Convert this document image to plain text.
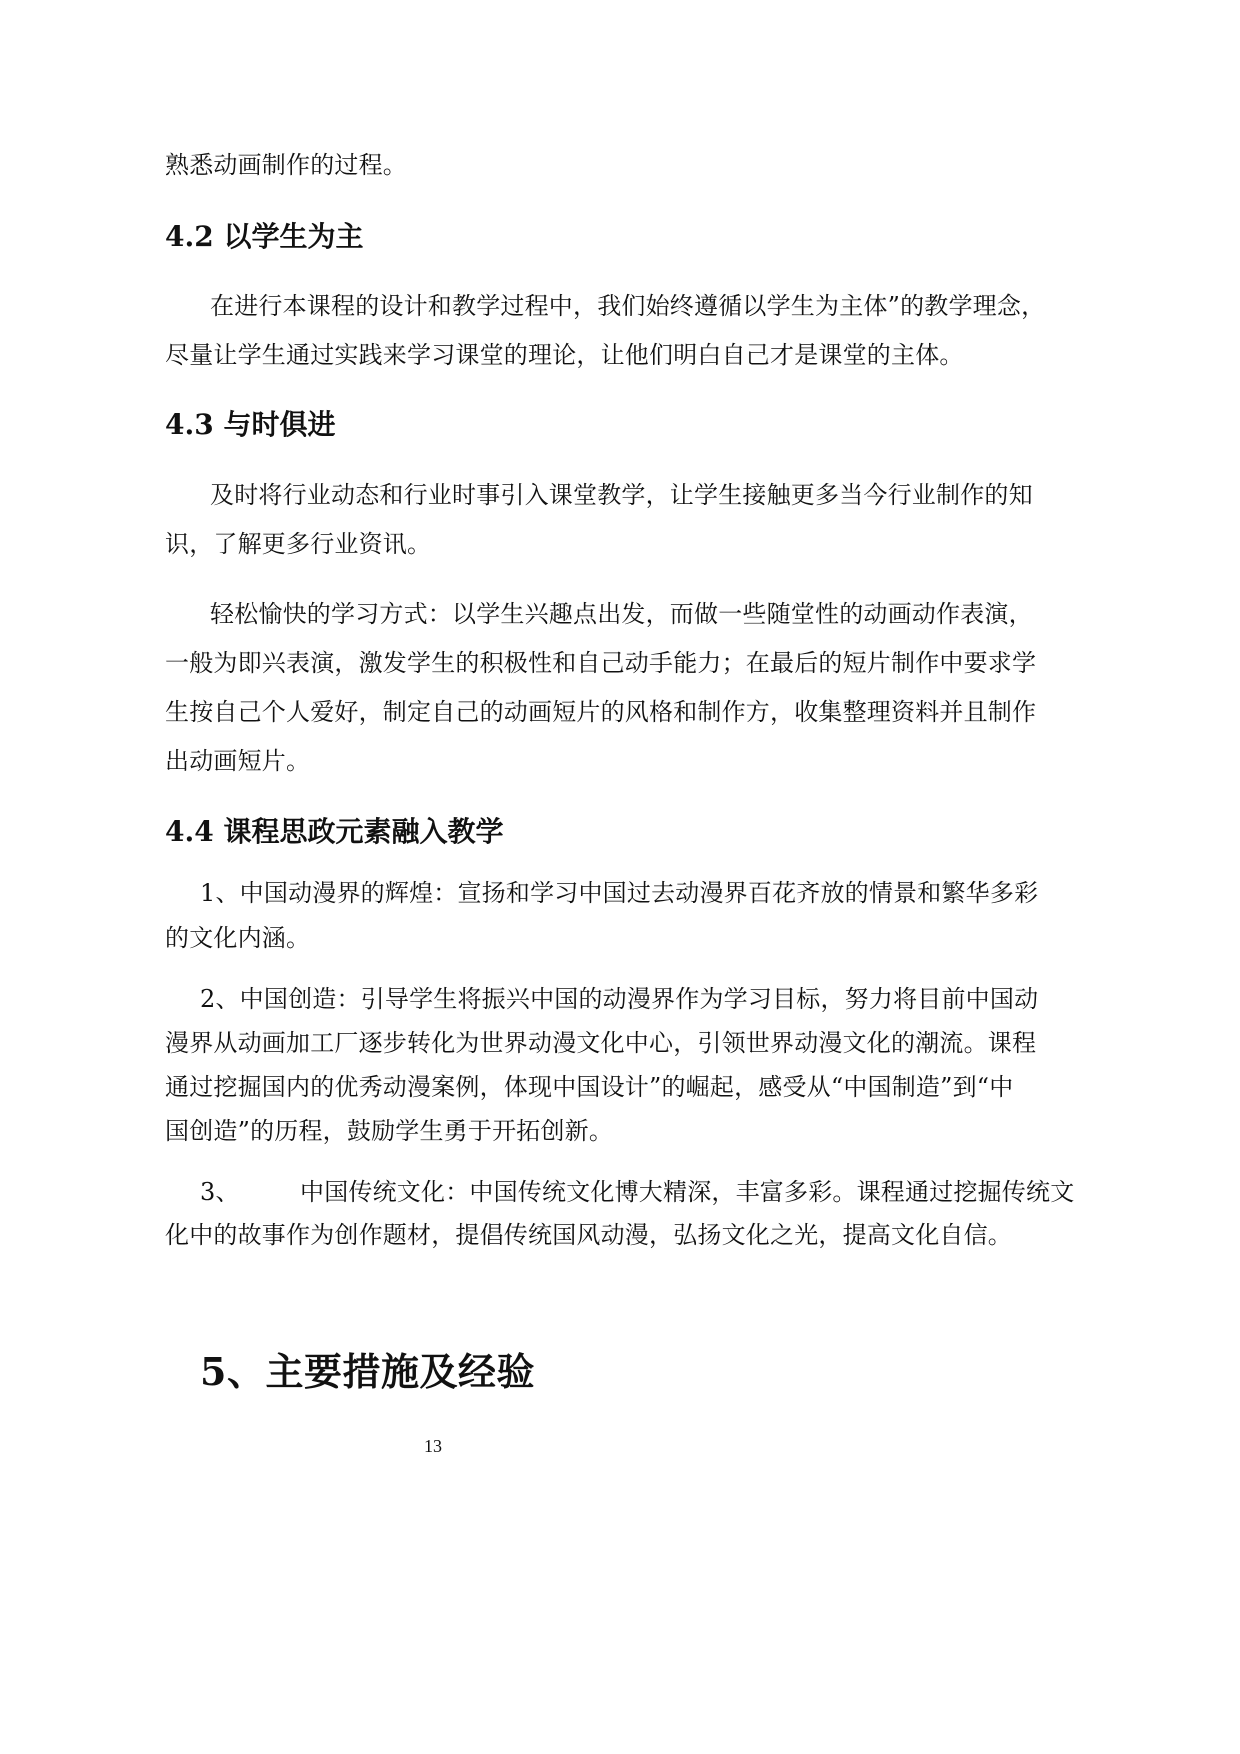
熟悉动画制作的过程。
4.2 以学生为主
在进行本课程的设计和教学过程中，我们始终遵循以学生为主体”的教学理念，
尽量让学生通过实践来学习课堂的理论，让他们明白自己才是课堂的主体。
4.3 与时俱进
及时将行业动态和行业时事引入课堂教学，让学生接触更多当今行业制作的知
识，了解更多行业资讯。
轻松愉快的学习方式：以学生兴趣点出发，而做一些随堂性的动画动作表演，
一般为即兴表演，激发学生的积极性和自己动手能力；在最后的短片制作中要求学
生按自己个人爱好，制定自己的动画短片的风格和制作方，收集整理资料并且制作
出动画短片。
4.4 课程思政元素融入教学
1、中国动漫界的辉煌：宣扬和学习中国过去动漫界百花齐放的情景和繁华多彩
的文化内涵。
2、中国创造：引导学生将振兴中国的动漫界作为学习目标，努力将目前中国动
漫界从动画加工厂逐步转化为世界动漫文化中心，引领世界动漫文化的潮流。课程
通过挖掘国内的优秀动漫案例，体现中国设计”的崛起，感受从“中国制造”到“中
国创造”的历程，鼓励学生勇于开拓创新。
3、	中国传统文化：中国传统文化博大精深，丰富多彩。课程通过挖掘传统文
化中的故事作为创作题材，提倡传统国风动漫，弘扬文化之光，提高文化自信。
5、主要措施及经验
13
